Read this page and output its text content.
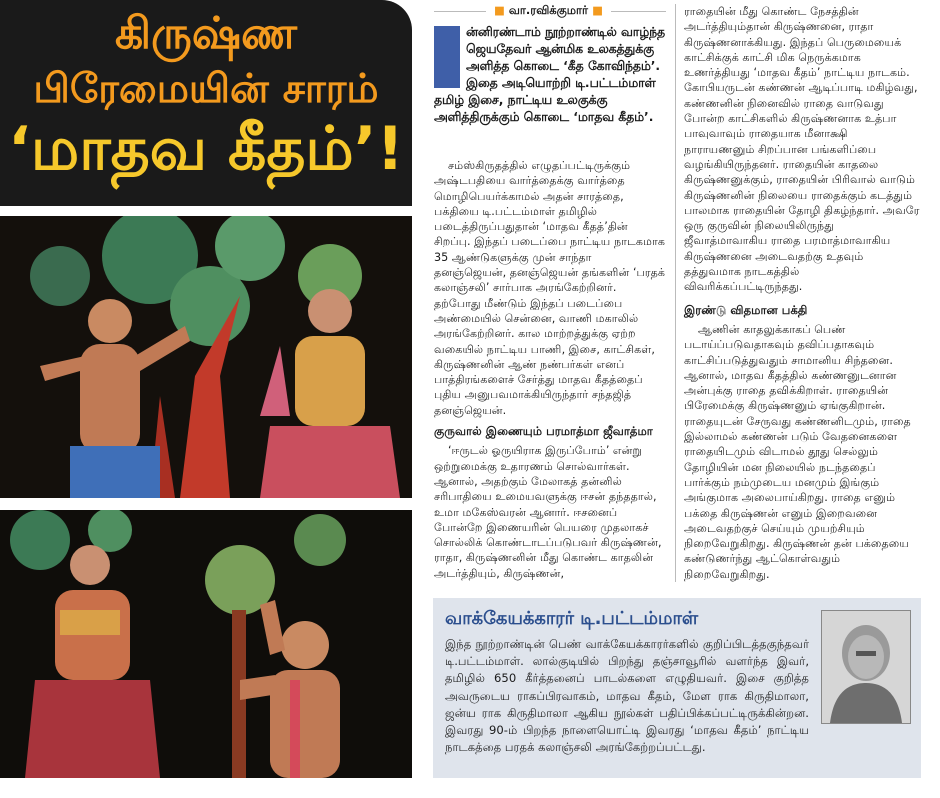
கிருஷ்ண
பிரேமையின் சாரம்
‘மாதவ கீதம்’!
■ வா.ரவிக்குமார் ■

ன்னிரண்டாம் நூற்றாண்டில் வாழ்ந்த ஜெயதேவர் ஆன்மிக உலகத்துக்கு அளித்த கொடை ‘கீத கோவிந்தம்’. இதை அடியொற்றி டி.பட்டம்மாள் தமிழ் இசை, நாட்டிய உலகுக்கு அளித்திருக்கும் கொடை ‘மாதவ கீதம்’.

சம்ஸ்கிருதத்தில் எழுதப்பட்டிருக்கும் அஷ்டபதியை வார்த்தைக்கு வார்த்தை மொழிபெயர்க்காமல் அதன் சாரத்தை, பக்தியை டி.பட்டம்மாள் தமிழில் படைத்திருப்பதுதான் ‘மாதவ கீதத்’தின் சிறப்பு. இந்தப் படைப்பை நாட்டிய நாடகமாக 35 ஆண்டுகளுக்கு முன் சாந்தா தனஞ்ஜெயன், தனஞ்ஜெயன் தங்களின் ‘பரதக் கலாஞ்சலி’ சார்பாக அரங்கேற்றினர். தற்போது மீண்டும் இந்தப் படைப்பை அண்மையில் சென்னை, வாணி மகாலில் அரங்கேற்றினர். கால மாற்றத்துக்கு ஏற்ற வகையில் நாட்டிய பாணி, இசை, காட்சிகள், கிருஷ்ணனின் ஆண் நண்பர்கள் எனப் பாத்திரங்களைச் சேர்த்து மாதவ கீதத்தைப் புதிய அனுபவமாக்கியிருந்தார் சந்தஜித் தனஞ்ஜெயன்.

குருவால் இணையும் பரமாத்மா ஜீவாத்மா

‘ஈருடல் ஓருயிராக இருப்போம்’ என்று ஒற்றுமைக்கு உதாரணம் சொல்வார்கள். ஆனால், அதற்கும் மேலாகத் தன்னில் சரிபாதியை உமையவளுக்கு ஈசன் தந்ததால், உமா மகேஸ்வரன் ஆனார். ஈசனைப் போன்றே இணையரின் பெயரை முதலாகச் சொல்லிக் கொண்டாடப்படுபவர் கிருஷ்ணன், ராதா, கிருஷ்ணனின் மீது கொண்ட காதலின் அடர்த்தியும், கிருஷ்ணன்,

ராதையின் மீது கொண்ட நேசத்தின் அடர்த்தியும்தான் கிருஷ்ணனை, ராதா கிருஷ்ணனாக்கியது. இந்தப் பெருமையைக் காட்சிக்குக் காட்சி மிக நெருக்கமாக உணர்த்தியது ‘மாதவ கீதம்’ நாட்டிய நாடகம். கோபியருடன் கண்ணன் ஆடிப்பாடி மகிழ்வது, கண்ணனின் நினைவில் ராதை வாடுவது போன்ற காட்சிகளில் கிருஷ்ணனாக உத்பா பாவுவாவும் ராதையாக மீனாக்ஷி நாராயணனும் சிறப்பான பங்களிப்பை வழங்கியிருந்தனர். ராதையின் காதலை கிருஷ்ணனுக்கும், ராதையின் பிரிவால் வாடும் கிருஷ்ணனின் நிலையை ராதைக்கும் கடத்தும் பாலமாக ராதையின் தோழி திகழ்ந்தார். அவரே ஒரு குருவின் நிலையிலிருந்து ஜீவாத்மாவாகிய ராதை பரமாத்மாவாகிய கிருஷ்ணனை அடைவதற்கு உதவும் தத்துவமாக நாடகத்தில் விவரிக்கப்பட்டிருந்தது.

இரண்டு விதமான பக்தி

ஆணின் காதலுக்காகப் பெண் படாய்ப்படுவதாகவும் தவிப்பதாகவும் காட்சிப்படுத்துவதும் சாமானிய சிந்தனை. ஆனால், மாதவ கீதத்தில் கண்ணனுடனான அன்புக்கு ராதை தவிக்கிறாள். ராதையின் பிரேமைக்கு கிருஷ்ணனும் ஏங்குகிறான். ராதையுடன் சேருவது கண்ணனிடமும், ராதை இல்லாமல் கண்ணன் படும் வேதனைகளை ராதையிடமும் விடாமல் தூது செல்லும் தோழியின் மன நிலையில் நடந்ததைப் பார்க்கும் நம்முடைய மனமும் இங்கும் அங்குமாக அலைபாய்கிறது. ராதை எனும் பக்தை கிருஷ்ணன் எனும் இறைவனை அடைவதற்குச் செய்யும் முயற்சியும் நிறைவேறுகிறது. கிருஷ்ணன் தன் பக்தையை கண்டுணர்ந்து ஆட்கொள்வதும் நிறைவேறுகிறது.

வாக்கேயக்காரர் டி.பட்டம்மாள்
இந்த நூற்றாண்டின் பெண் வாக்கேயக்காரர்களில் குறிப்பிடத்தகுந்தவர் டி.பட்டம்மாள். லால்குடியில் பிறந்து தஞ்சாவூரில் வளர்ந்த இவர், தமிழில் 650 கீர்த்தனைப் பாடல்களை எழுதியவர். இசை குறித்த அவருடைய ராகப்பிரவாகம், மாதவ கீதம், மேள ராக கிருதிமாலா, ஜன்ய ராக கிருதிமாலா ஆகிய நூல்கள் பதிப்பிக்கப்பட்டிருக்கின்றன. இவரது 90-ம் பிறந்த நாளையொட்டி இவரது ‘மாதவ கீதம்’ நாட்டிய நாடகத்தை பரதக் கலாஞ்சலி அரங்கேற்றப்பட்டது.
